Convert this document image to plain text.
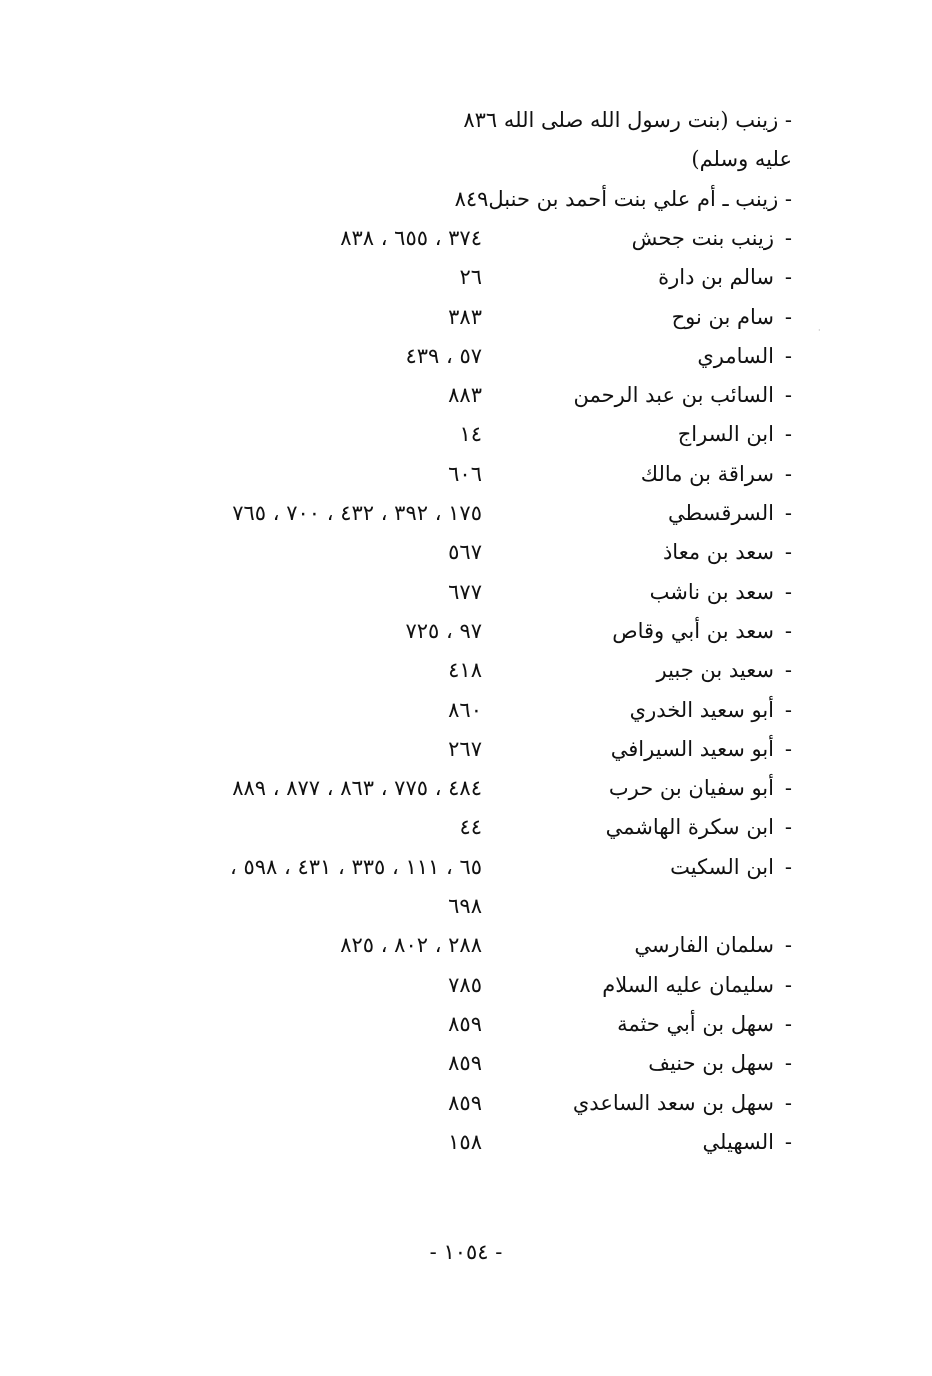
·
- ١٠٥٤ -
- زينب (بنت رسول الله صلى الله ٨٣٦
عليه وسلم)
- زينب ـ أم علي بنت أحمد بن حنبل٨٤٩
-زينب بنت جحش
٣٧٤ ، ٦٥٥ ، ٨٣٨
-سالم بن دارة
٢٦
-سام بن نوح
٣٨٣
-السامري
٥٧ ، ٤٣٩
-السائب بن عبد الرحمن
٨٨٣
-ابن السراج
١٤
-سراقة بن مالك
٦٠٦
-السرقسطي
١٧٥ ، ٣٩٢ ، ٤٣٢ ، ٧٠٠ ، ٧٦٥
-سعد بن معاذ
٥٦٧
-سعد بن ناشب
٦٧٧
-سعد بن أبي وقاص
٩٧ ، ٧٢٥
-سعيد بن جبير
٤١٨
-أبو سعيد الخدري
٨٦٠
-أبو سعيد السيرافي
٢٦٧
-أبو سفيان بن حرب
٤٨٤ ، ٧٧٥ ، ٨٦٣ ، ٨٧٧ ، ٨٨٩
-ابن سكرة الهاشمي
٤٤
-ابن السكيت
٦٥ ، ١١١ ، ٣٣٥ ، ٤٣١ ، ٥٩٨ ،
٦٩٨
-سلمان الفارسي
٢٨٨ ، ٨٠٢ ، ٨٢٥
-سليمان عليه السلام
٧٨٥
-سهل بن أبي حثمة
٨٥٩
-سهل بن حنيف
٨٥٩
-سهل بن سعد الساعدي
٨٥٩
-السهيلي
١٥٨
